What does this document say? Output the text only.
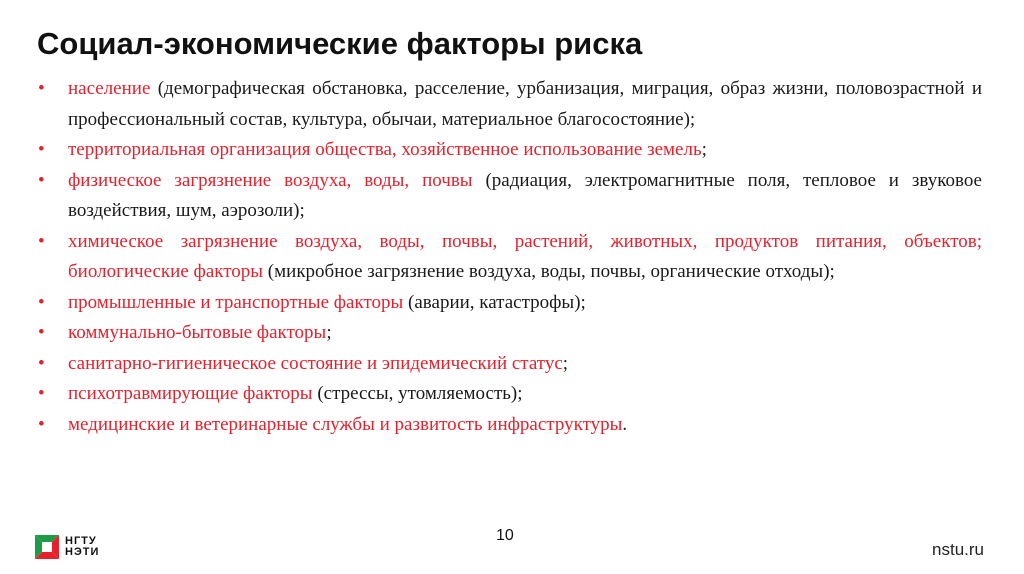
Социал-экономические факторы риска
• население (демографическая обстановка, расселение, урбанизация, миграция, образ жизни, половозрастной и профессиональный состав, культура, обычаи, материальное благосостояние);
• территориальная организация общества, хозяйственное использование земель;
• физическое загрязнение воздуха, воды, почвы (радиация, электромагнитные поля, тепловое и звуковое воздействия, шум, аэрозоли);
• химическое загрязнение воздуха, воды, почвы, растений, животных, продуктов питания, объектов; биологические факторы (микробное загрязнение воздуха, воды, почвы, органические отходы);
• промышленные и транспортные факторы (аварии, катастрофы);
• коммунально-бытовые факторы;
• санитарно-гигиеническое состояние и эпидемический статус;
• психотравмирующие факторы (стрессы, утомляемость);
• медицинские и ветеринарные службы и развитость инфраструктуры.
10
НГТУ
НЭТИ	nstu.ru
